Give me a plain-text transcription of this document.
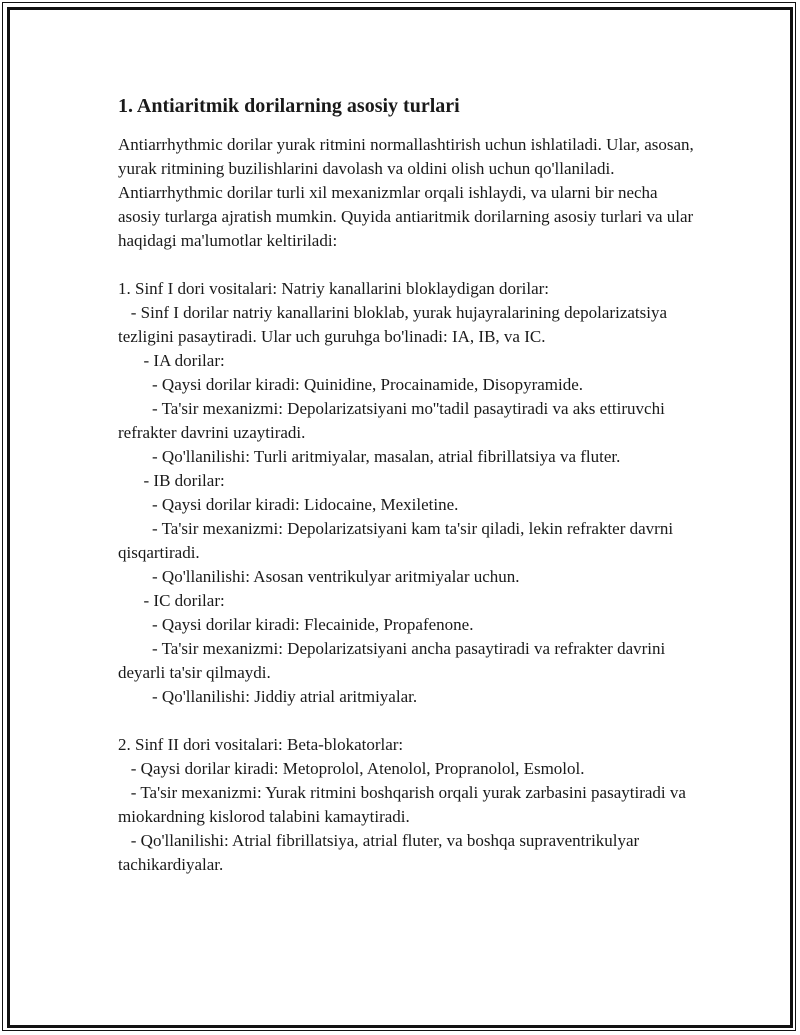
1. Antiaritmik dorilarning asosiy turlari

Antiarrhythmic dorilar yurak ritmini normallashtirish uchun ishlatiladi. Ular, asosan, yurak ritmining buzilishlarini davolash va oldini olish uchun qo'llaniladi. Antiarrhythmic dorilar turli xil mexanizmlar orqali ishlaydi, va ularni bir necha asosiy turlarga ajratish mumkin. Quyida antiaritmik dorilarning asosiy turlari va ular haqidagi ma'lumotlar keltiriladi:

1. Sinf I dori vositalari: Natriy kanallarini bloklaydigan dorilar:
- Sinf I dorilar natriy kanallarini bloklab, yurak hujayralarining depolarizatsiya tezligini pasaytiradi. Ular uch guruhga bo'linadi: IA, IB, va IC.
- IA dorilar:
- Qaysi dorilar kiradi: Quinidine, Procainamide, Disopyramide.
- Ta'sir mexanizmi: Depolarizatsiyani mo''tadil pasaytiradi va aks ettiruvchi refrakter davrini uzaytiradi.
- Qo'llanilishi: Turli aritmiyalar, masalan, atrial fibrillatsiya va fluter.
- IB dorilar:
- Qaysi dorilar kiradi: Lidocaine, Mexiletine.
- Ta'sir mexanizmi: Depolarizatsiyani kam ta'sir qiladi, lekin refrakter davrni qisqartiradi.
- Qo'llanilishi: Asosan ventrikulyar aritmiyalar uchun.
- IC dorilar:
- Qaysi dorilar kiradi: Flecainide, Propafenone.
- Ta'sir mexanizmi: Depolarizatsiyani ancha pasaytiradi va refrakter davrini deyarli ta'sir qilmaydi.
- Qo'llanilishi: Jiddiy atrial aritmiyalar.
2. Sinf II dori vositalari: Beta-blokatorlar:
- Qaysi dorilar kiradi: Metoprolol, Atenolol, Propranolol, Esmolol.
- Ta'sir mexanizmi: Yurak ritmini boshqarish orqali yurak zarbasini pasaytiradi va miokardning kislorod talabini kamaytiradi.
- Qo'llanilishi: Atrial fibrillatsiya, atrial fluter, va boshqa supraventrikulyar tachikardiyalar.
